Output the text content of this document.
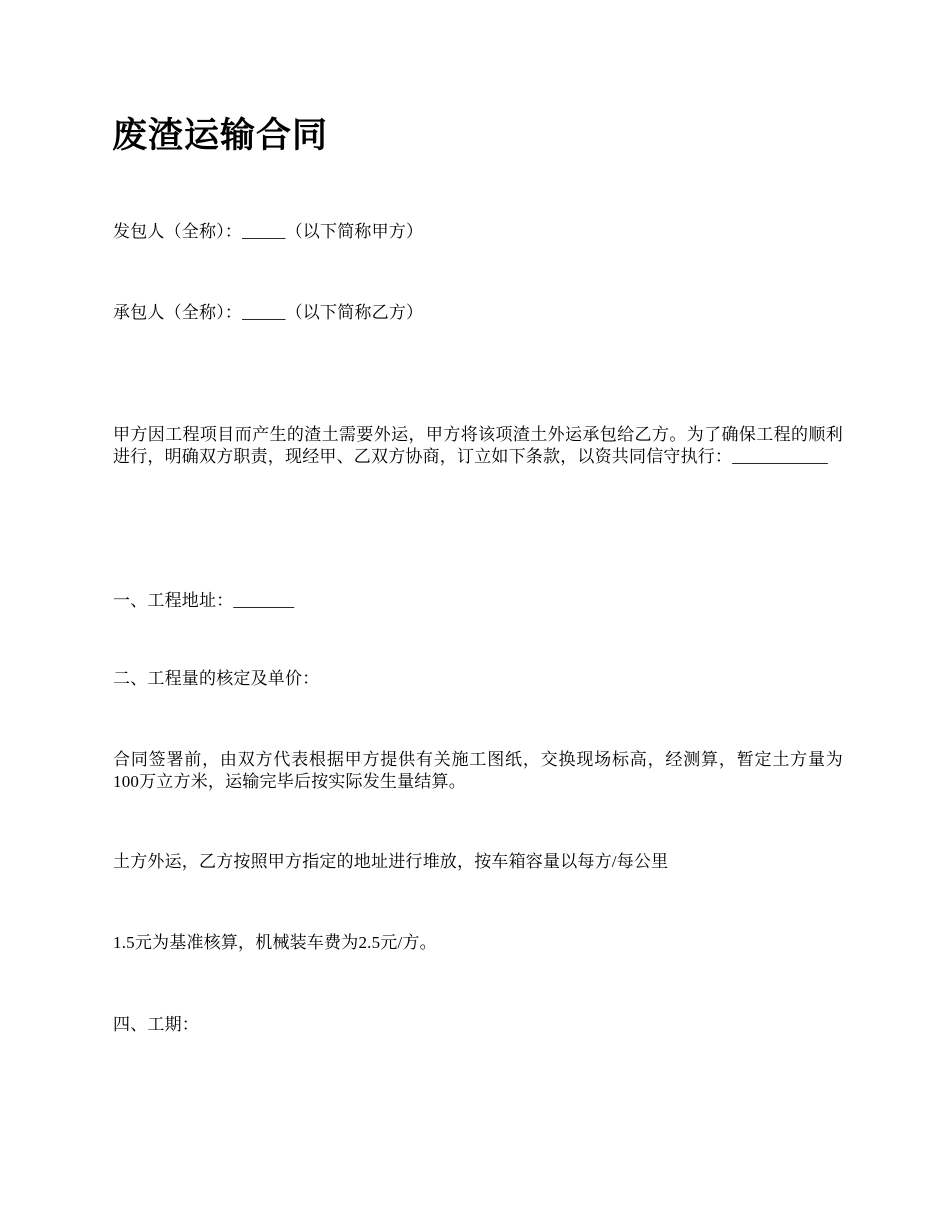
废渣运输合同

发包人（全称）：_____（以下简称甲方）

承包人（全称）：_____（以下简称乙方）

甲方因工程项目而产生的渣土需要外运，甲方将该项渣土外运承包给乙方。为了确保工程的顺利进行，明确双方职责，现经甲、乙双方协商，订立如下条款，以资共同信守执行：___________

一、工程地址：_______

二、工程量的核定及单价：

合同签署前，由双方代表根据甲方提供有关施工图纸，交换现场标高，经测算，暂定土方量为100万立方米，运输完毕后按实际发生量结算。

土方外运，乙方按照甲方指定的地址进行堆放，按车箱容量以每方/每公里

1.5元为基准核算，机械装车费为2.5元/方。

四、工期：
